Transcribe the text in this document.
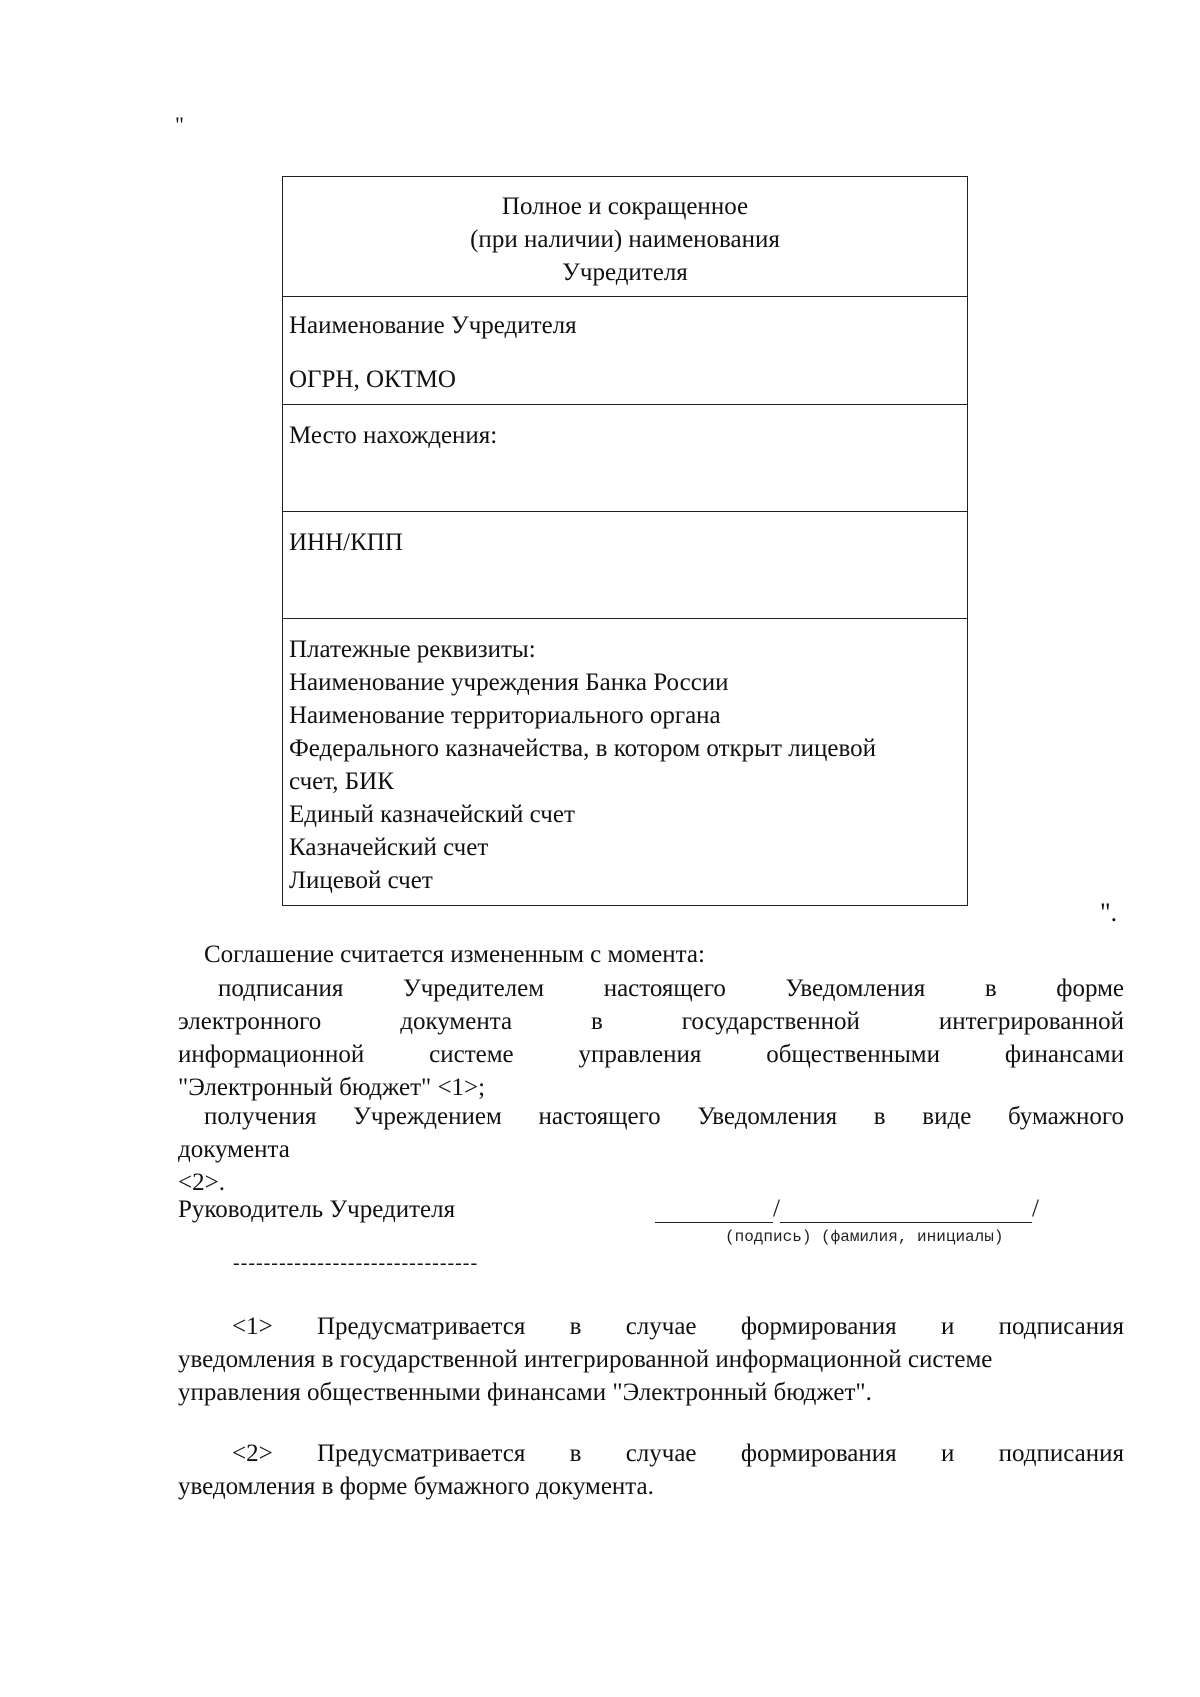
"
Полное и сокращенное
(при наличии) наименования
Учредителя
Наименование Учредителя
ОГРН, ОКТМО
Место нахождения:
ИНН/КПП
Платежные реквизиты:
Наименование учреждения Банка России
Наименование территориального органа
Федерального казначейства, в котором открыт лицевой
счет, БИК
Единый казначейский счет
Казначейский счет
Лицевой счет
".
Соглашение считается измененным с момента:
подписания Учредителем настоящего Уведомления в форме
электронного документа в государственной интегрированной
информационной системе управления общественными финансами
"Электронный бюджет" <1>;
получения Учреждением настоящего Уведомления в виде бумажного
документа
<2>.
Руководитель Учредителя	/	/
(подпись) (фамилия, инициалы)
--------------------------------
<1> Предусматривается в случае формирования и подписания
уведомления в государственной интегрированной информационной системе
управления общественными финансами "Электронный бюджет".
<2> Предусматривается в случае формирования и подписания
уведомления в форме бумажного документа.
